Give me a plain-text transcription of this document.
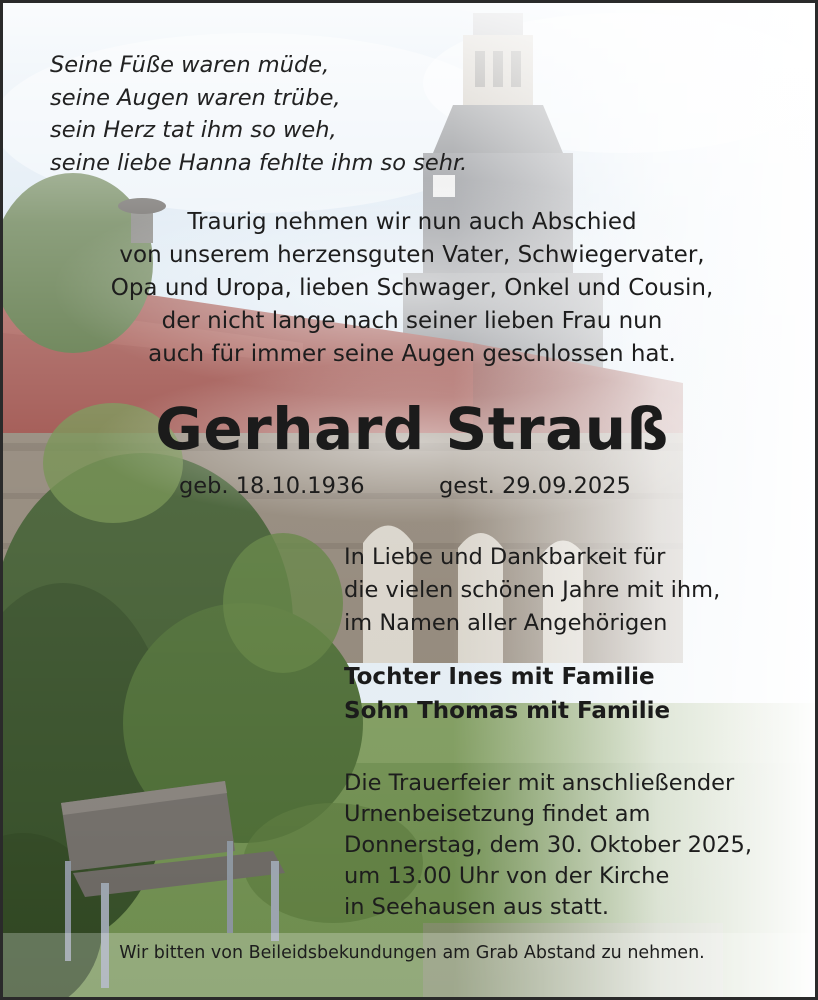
Seine Füße waren müde,
seine Augen waren trübe,
sein Herz tat ihm so weh,
seine liebe Hanna fehlte ihm so sehr.
Traurig nehmen wir nun auch Abschied
von unserem herzensguten Vater, Schwiegervater,
Opa und Uropa, lieben Schwager, Onkel und Cousin,
der nicht lange nach seiner lieben Frau nun
auch für immer seine Augen geschlossen hat.
Gerhard Strauß
geb. 18.10.1936	gest. 29.09.2025
In Liebe und Dankbarkeit für
die vielen schönen Jahre mit ihm,
im Namen aller Angehörigen
Tochter Ines mit Familie
Sohn Thomas mit Familie
Die Trauerfeier mit anschließender
Urnenbeisetzung findet am
Donnerstag, dem 30. Oktober 2025,
um 13.00 Uhr von der Kirche
in Seehausen aus statt.
Wir bitten von Beileidsbekundungen am Grab Abstand zu nehmen.
